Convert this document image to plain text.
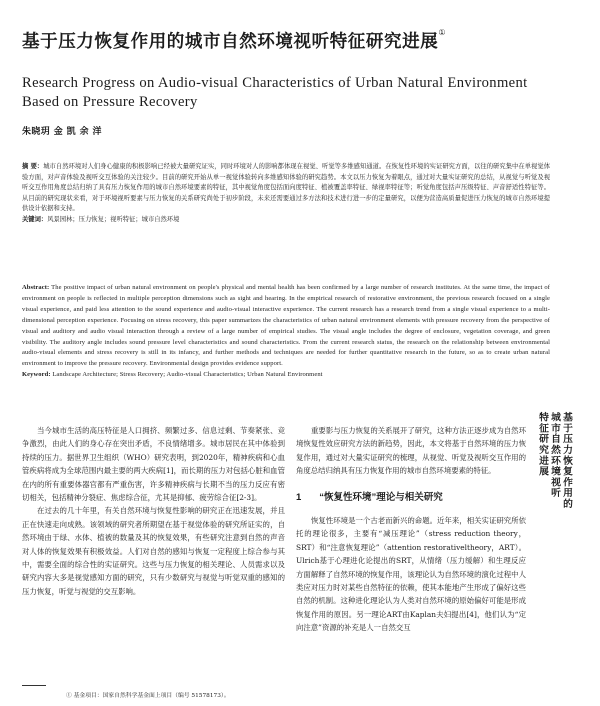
基于压力恢复作用的城市自然环境视听特征研究进展①
Research Progress on Audio-visual Characteristics of Urban Natural Environment Based on Pressure Recovery
朱晓玥 金 凯 余 洋
摘 要：城市自然环境对人们身心健康的积极影响已经被大量研究证实，同时环境对人的影响都体现在视觉、听觉等多维感知通道。在恢复性环境的实证研究方面，以往的研究集中在单视觉体验方面，对声音体验及视听交互体验的关注较少。目前的研究开始从单一视觉体验转向多维感知体验的研究趋势。本文以压力恢复为着眼点，通过对大量实证研究的总结，从视觉与听觉及视听交互作用角度总结归纳了具有压力恢复作用的城市自然环境要素的特征，其中视觉角度包括面向度特征、植被覆盖率特征、绿视率特征等；听觉角度包括声压级特征、声音舒适性特征等。从目前的研究现状来看，对于环境视听要素与压力恢复的关系研究尚处于初步阶段，未来还需要通过多方法和技术进行进一步的定量研究，以便为营造高质量促进压力恢复的城市自然环境提供设计依据和支持。
关键词：风景园林；压力恢复；视听特征；城市自然环境
Abstract: The positive impact of urban natural environment on people's physical and mental health has been confirmed by a large number of research institutes. At the same time, the impact of environment on people is reflected in multiple perception dimensions such as sight and hearing. In the empirical research of restorative environment, the previous research focused on a single visual experience, and paid less attention to the sound experience and audio-visual interactive experience. The current research has a research trend from a single visual experience to a multi-dimensional perception experience. Focusing on stress recovery, this paper summarizes the characteristics of urban natural environment elements with pressure recovery from the perspective of visual and auditory and audio visual interaction through a review of a large number of empirical studies. The visual angle includes the degree of enclosure, vegetation coverage, and green visibility. The auditory angle includes sound pressure level characteristics and sound characteristics. From the current research status, the research on the relationship between environmental audio-visual elements and stress recovery is still in its infancy, and further methods and techniques are needed for further quantitative research in the future, so as to create urban natural environment to improve the pressure recovery. Environmental design provides evidence support.
Keyword: Landscape Architecture; Stress Recovery; Audio-visual Characteristics; Urban Natural Environment
当今城市生活的高压特征是人口拥挤、频繁过多、信息过剩、节奏紧张、竞争激烈，由此人们的身心存在突出矛盾，不良情绪增多。城市居民在其中体验到持续的压力。据世界卫生组织（WHO）研究表明，到2020年，精神疾病和心血管疾病将成为全球范围内最主要的两大疾病[1]，而长期的压力对包括心脏和血管在内的所有重要体器官都有严重伤害，许多精神疾病与长期不当的压力反应有密切相关，包括精神分裂症、焦虑综合征，尤其是抑郁、疲劳综合征[2-3]。
在过去的几十年里，有关自然环境与恢复性影响的研究正在迅速发展，并且正在快速走向成熟。该领域的研究者所期望在基于视觉体验的研究所证实的，自然环境由于绿、水体、植被的数量及其的恢复效果，有些研究注意到自然的声音对人体的恢复效果有积极效益。人们对自然的感知与恢复一定程度上综合参与其中，需要全面的综合性的实证研究。这些与压力恢复的相关理论、人员需求以及研究内容大多是视觉感知方面的研究，只有少数研究与视觉与听觉双重的感知的压力恢复，听觉与视觉的交互影响。
重要影与压力恢复的关系展开了研究，这种方法正逐步成为自然环境恢复性效应研究方法的新趋势，因此，本文将基于自然环境的压力恢复作用，通过对大量实证研究的梳理，从视觉、听觉及视听交互作用的角度总结归纳具有压力恢复作用的城市自然环境要素的特征。
1 “恢复性环境”理论与相关研究
恢复性环境是一个古老而新兴的命题。近年来，相关实证研究所依托的理论很多，主要有“减压理论”（stress reduction theory，SRT）和“注意恢复理论”（attention restorativeltheory，ART）。Ulrich基于心理进化论提出的SRT，从情绪（压力缓解）和生理反应方面解释了自然环境的恢复作用，该理论认为自然环境的演化过程中人类应对压力时对某些自然特征的依赖，使其本能地产生形成了偏好这些自然的机制。这种进化理论认为人类对自然环境的原始偏好可能是形成恢复作用的原因。另一理论ART由Kaplan夫妇提出[4]，他们认为“定向注意”资源的补充是人一自然交互
基于压力恢复作用的
城市自然环境视听
特征研究进展
① 基金项目：国家自然科学基金面上项目（编号 51578173）。
